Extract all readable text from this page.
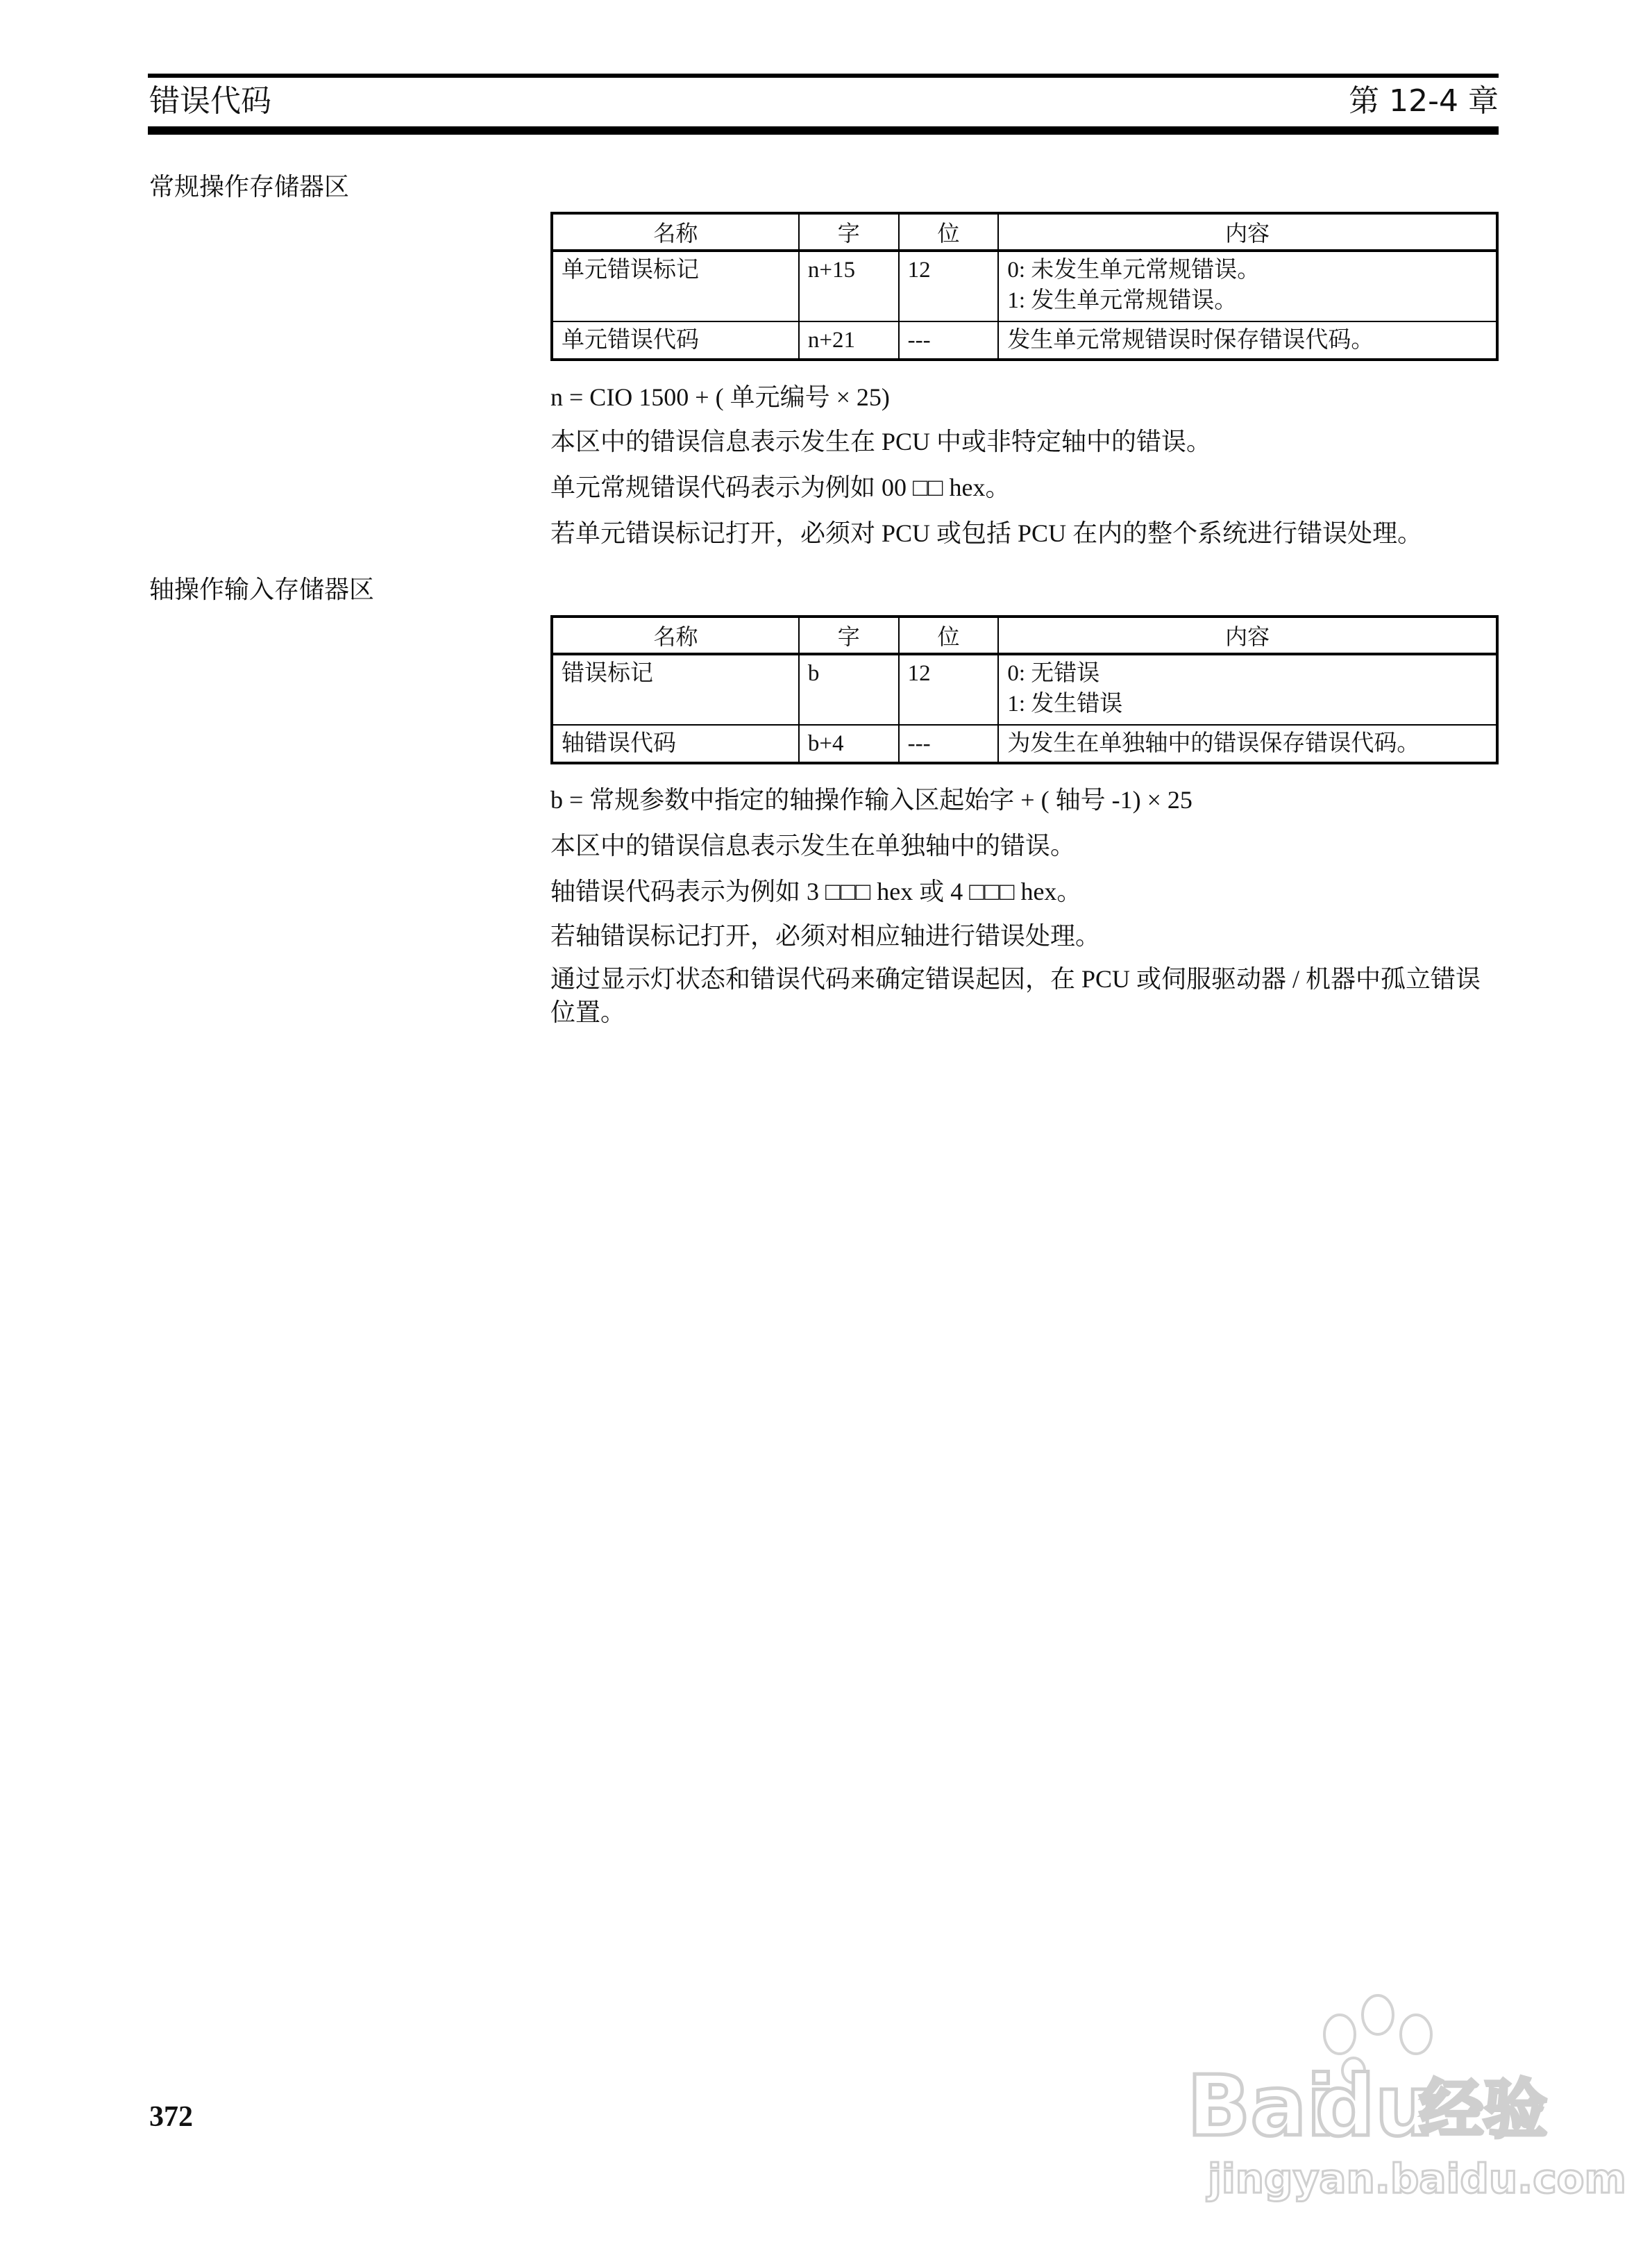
错误代码	第 12-4 章
常规操作存储器区
名称	字	位	内容
单元错误标记	n+15	12	0: 未发生单元常规错误。
1: 发生单元常规错误。

单元错误代码	n+21	---	发生单元常规错误时保存错误代码。
n = CIO 1500 + ( 单元编号 × 25)
本区中的错误信息表示发生在 PCU 中或非特定轴中的错误。
单元常规错误代码表示为例如 00 □□ hex。
若单元错误标记打开，必须对 PCU 或包括 PCU 在内的整个系统进行错误处理。
轴操作输入存储器区
名称	字	位	内容
错误标记	b	12	0: 无错误
1: 发生错误

轴错误代码	b+4	---	为发生在单独轴中的错误保存错误代码。
b = 常规参数中指定的轴操作输入区起始字 + ( 轴号 -1) × 25
本区中的错误信息表示发生在单独轴中的错误。
轴错误代码表示为例如 3 □□□ hex 或 4 □□□ hex。
若轴错误标记打开，必须对相应轴进行错误处理。
通过显示灯状态和错误代码来确定错误起因，在 PCU 或伺服驱动器 / 机器中孤立错误位置。
372	Bai
du
经验
jingyan.baidu.com
